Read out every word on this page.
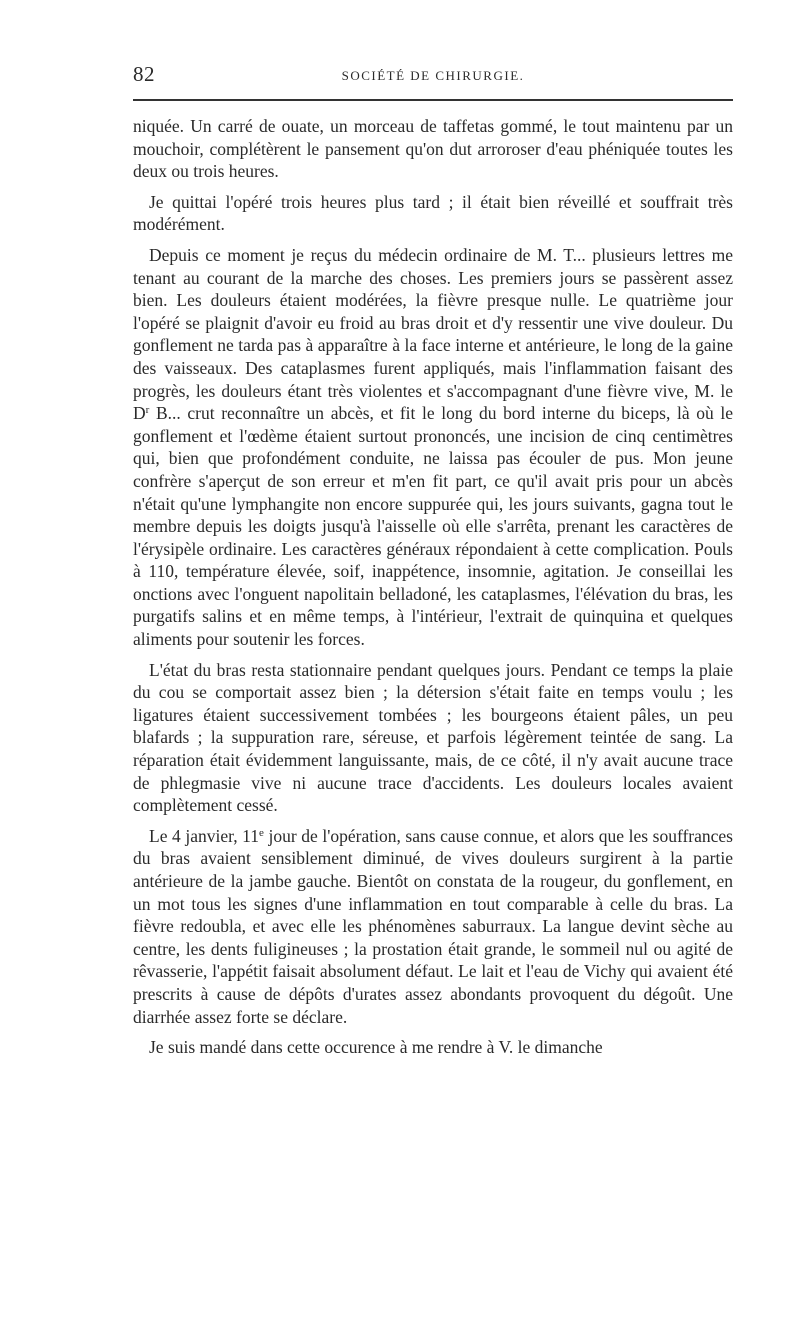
82	SOCIÉTÉ DE CHIRURGIE.

niquée. Un carré de ouate, un morceau de taffetas gommé, le tout maintenu par un mouchoir, complétèrent le pansement qu'on dut arroroser d'eau phéniquée toutes les deux ou trois heures.

Je quittai l'opéré trois heures plus tard ; il était bien réveillé et souffrait très modérément.

Depuis ce moment je reçus du médecin ordinaire de M. T... plusieurs lettres me tenant au courant de la marche des choses. Les premiers jours se passèrent assez bien. Les douleurs étaient modérées, la fièvre presque nulle. Le quatrième jour l'opéré se plaignit d'avoir eu froid au bras droit et d'y ressentir une vive douleur. Du gonflement ne tarda pas à apparaître à la face interne et antérieure, le long de la gaine des vaisseaux. Des cataplasmes furent appliqués, mais l'inflammation faisant des progrès, les douleurs étant très violentes et s'accompagnant d'une fièvre vive, M. le $D^r$ B... crut reconnaître un abcès, et fit le long du bord interne du biceps, là où le gonflement et l'œdème étaient surtout prononcés, une incision de cinq centimètres qui, bien que profondément conduite, ne laissa pas écouler de pus. Mon jeune confrère s'aperçut de son erreur et m'en fit part, ce qu'il avait pris pour un abcès n'était qu'une lymphangite non encore suppurée qui, les jours suivants, gagna tout le membre depuis les doigts jusqu'à l'aisselle où elle s'arrêta, prenant les caractères de l'érysipèle ordinaire. Les caractères généraux répondaient à cette complication. Pouls à 110, température élevée, soif, inappétence, insomnie, agitation. Je conseillai les onctions avec l'onguent napolitain belladoné, les cataplasmes, l'élévation du bras, les purgatifs salins et en même temps, à l'intérieur, l'extrait de quinquina et quelques aliments pour soutenir les forces.

L'état du bras resta stationnaire pendant quelques jours. Pendant ce temps la plaie du cou se comportait assez bien ; la détersion s'était faite en temps voulu ; les ligatures étaient successivement tombées ; les bourgeons étaient pâles, un peu blafards ; la suppuration rare, séreuse, et parfois légèrement teintée de sang. La réparation était évidemment languissante, mais, de ce côté, il n'y avait aucune trace de phlegmasie vive ni aucune trace d'accidents. Les douleurs locales avaient complètement cessé.

Le 4 janvier, 11e jour de l'opération, sans cause connue, et alors que les souffrances du bras avaient sensiblement diminué, de vives douleurs surgirent à la partie antérieure de la jambe gauche. Bientôt on constata de la rougeur, du gonflement, en un mot tous les signes d'une inflammation en tout comparable à celle du bras. La fièvre redoubla, et avec elle les phénomènes saburraux. La langue devint sèche au centre, les dents fuligineuses ; la prostation était grande, le sommeil nul ou agité de rêvasserie, l'appétit faisait absolument défaut. Le lait et l'eau de Vichy qui avaient été prescrits à cause de dépôts d'urates assez abondants provoquent du dégoût. Une diarrhée assez forte se déclare.

Je suis mandé dans cette occurence à me rendre à V. le dimanche
